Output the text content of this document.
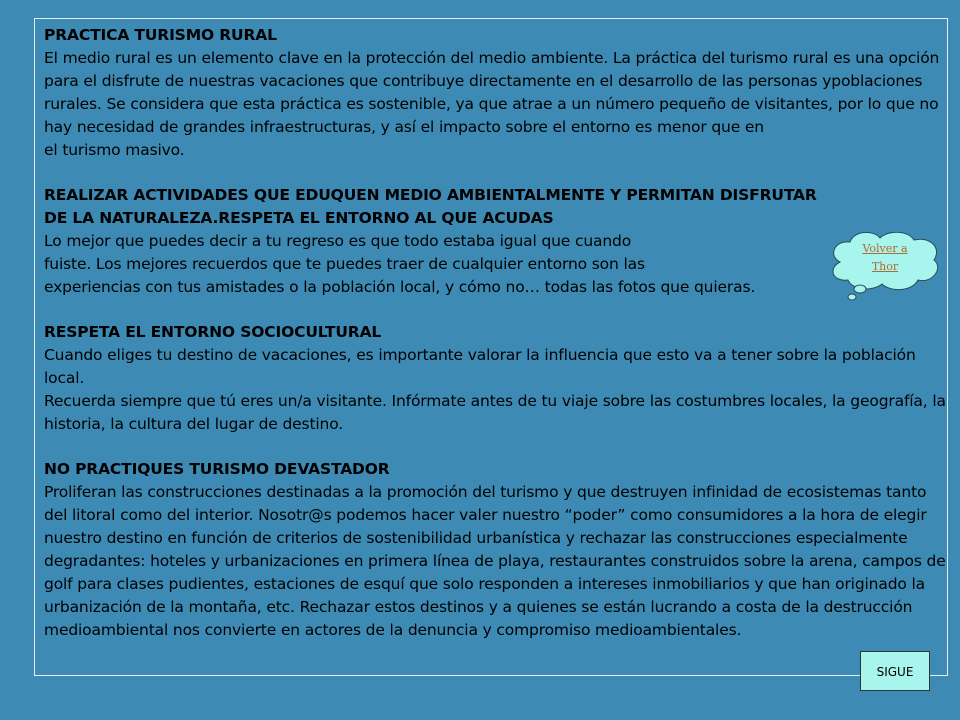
PRACTICA TURISMO RURAL

El medio rural es un elemento clave en la protección del medio ambiente. La práctica del turismo rural es una opción para el disfrute de nuestras vacaciones que contribuye directamente en el desarrollo de las personas ypoblaciones rurales. Se considera que esta práctica es sostenible, ya que atrae a un número pequeño de visitantes, por lo que no hay necesidad de grandes infraestructuras, y así el impacto sobre el entorno es menor que en

el turismo masivo.

REALIZAR ACTIVIDADES QUE EDUQUEN MEDIO AMBIENTALMENTE Y PERMITAN DISFRUTAR DE LA NATURALEZA.RESPETA EL ENTORNO AL QUE ACUDAS

Lo mejor que puedes decir a tu regreso es que todo estaba igual que cuando

fuiste. Los mejores recuerdos que te puedes traer de cualquier entorno son las

experiencias con tus amistades o la población local, y cómo no… todas las fotos que quieras.

RESPETA EL ENTORNO SOCIOCULTURAL

Cuando eliges tu destino de vacaciones, es importante valorar la influencia que esto va a tener sobre la población local.

Recuerda siempre que tú eres un/a visitante. Infórmate antes de tu viaje sobre las costumbres locales, la geografía, la historia, la cultura del lugar de destino.

NO PRACTIQUES TURISMO DEVASTADOR

Proliferan las construcciones destinadas a la promoción del turismo y que destruyen infinidad de ecosistemas tanto del litoral como del interior. Nosotr@s podemos hacer valer nuestro “poder” como consumidores a la hora de elegir nuestro destino en función de criterios de sostenibilidad urbanística y rechazar las construcciones especialmente degradantes: hoteles y urbanizaciones en primera línea de playa, restaurantes construidos sobre la arena, campos de golf para clases pudientes, estaciones de esquí que solo responden a intereses inmobiliarios y que han originado la urbanización de la montaña, etc. Rechazar estos destinos y a quienes se están lucrando a costa de la destrucción medioambiental nos convierte en actores de la denuncia y compromiso medioambientales.

Volver a
Thor
SIGUE
